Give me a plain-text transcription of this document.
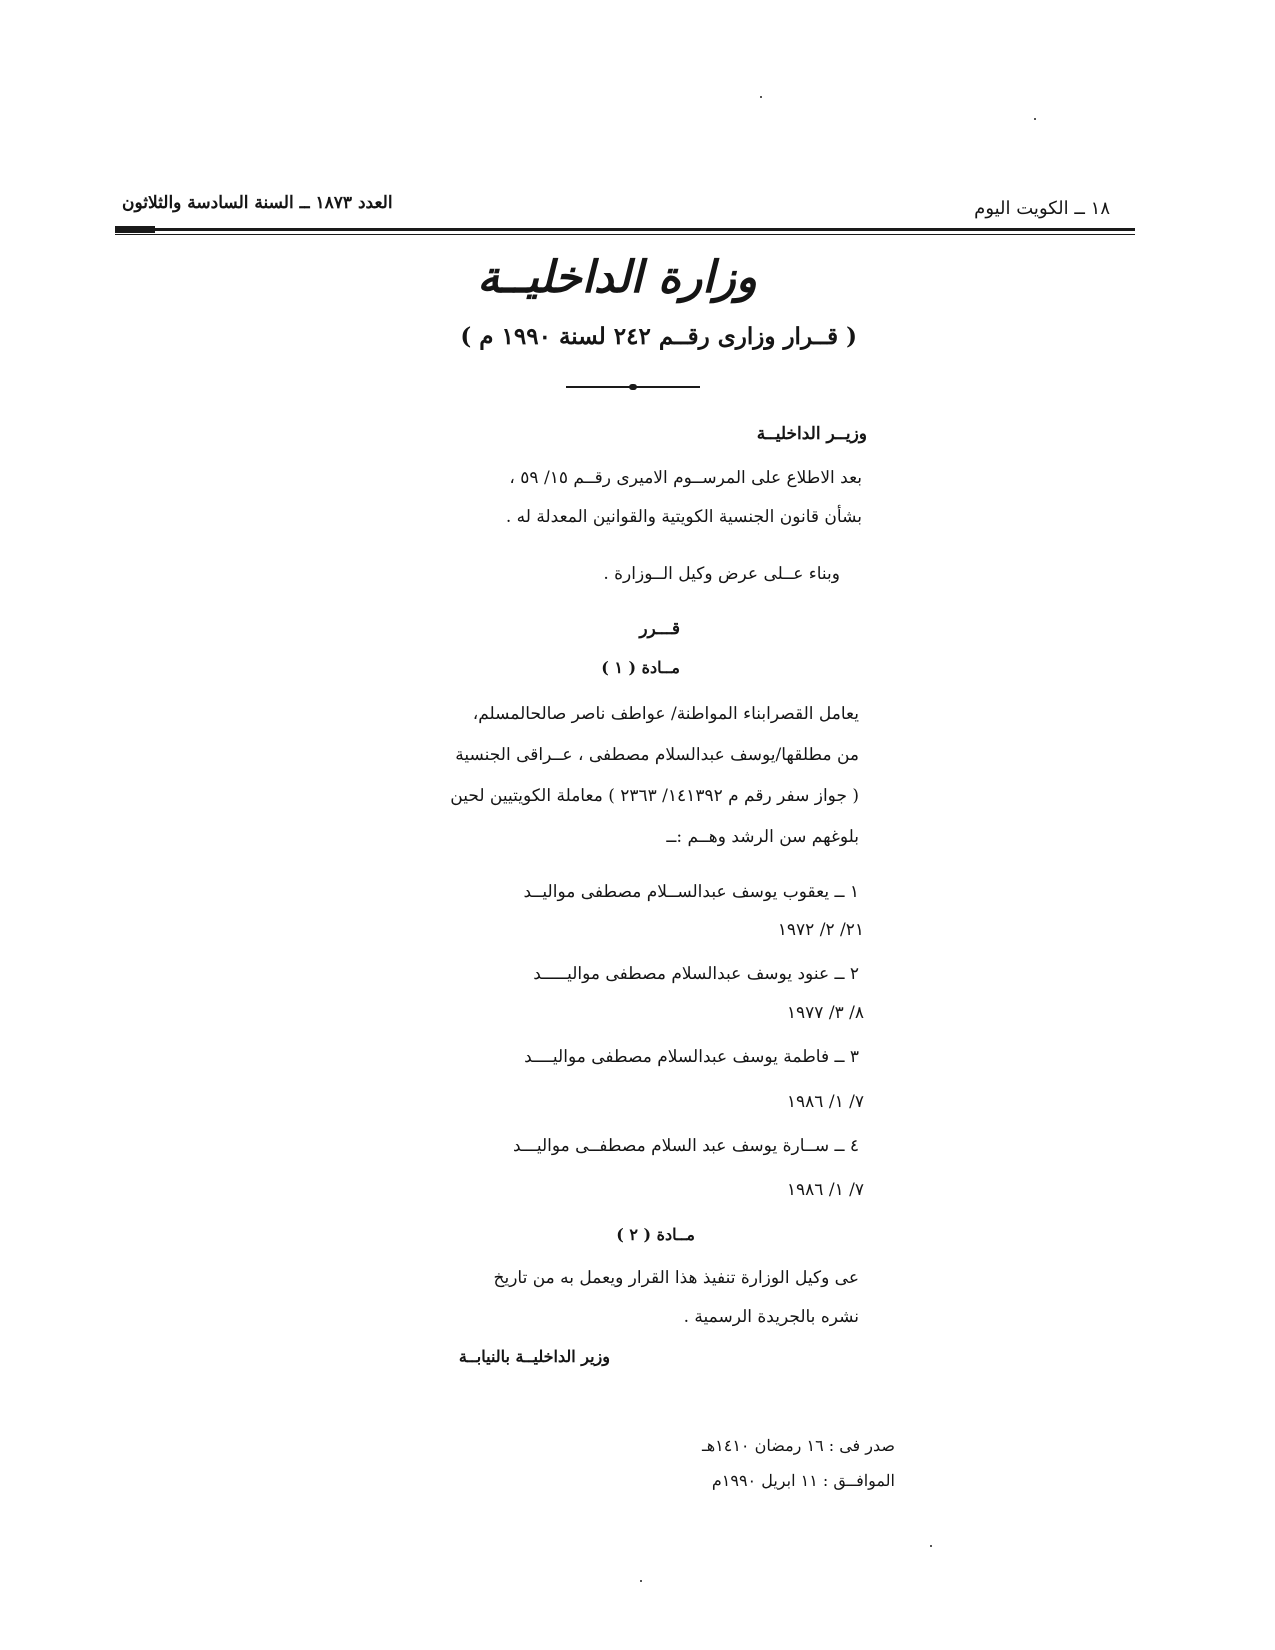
١٨ ــ الكويت اليوم
العدد ١٨٧٣ ــ السنة السادسة والثلاثون
وزارة الداخليــة
( قــرار وزارى رقــم ٢٤٢ لسنة ١٩٩٠ م )
وزيــر الداخليــة
بعد الاطلاع على المرســوم الاميرى رقــم ١٥/ ٥٩ ،
بشأن قانون الجنسية الكويتية والقوانين المعدلة له .
وبناء عــلى عرض وكيل الــوزارة .
قـــرر
مــادة ( ١ )
يعامل القصرابناء المواطنة/ عواطف ناصر صالحالمسلم،
من مطلقها/يوسف عبدالسلام مصطفى ، عــراقى الجنسية
( جواز سفر رقم م ١٤١٣٩٢/ ٢٣٦٣ ) معاملة الكويتيين لحين
بلوغهم سن الرشد وهــم :ــ
١ ــ يعقوب يوسف عبدالســلام مصطفى مواليــد
٢١/ ٢/ ١٩٧٢
٢ ــ عنود يوسف عبدالسلام مصطفى مواليـــــد
٨/ ٣/ ١٩٧٧
٣ ــ فاطمة يوسف عبدالسلام مصطفى مواليــــد
٧/ ١/ ١٩٨٦
٤ ــ ســارة يوسف عبد السلام مصطفــى مواليـــد
٧/ ١/ ١٩٨٦
مــادة ( ٢ )
عى وكيل الوزارة تنفيذ هذا القرار ويعمل به من تاريخ
نشره بالجريدة الرسمية .
وزير الداخليــة بالنيابــة
صدر فى : ١٦ رمضان ١٤١٠هـ
الموافــق : ١١ ابريل ١٩٩٠م
